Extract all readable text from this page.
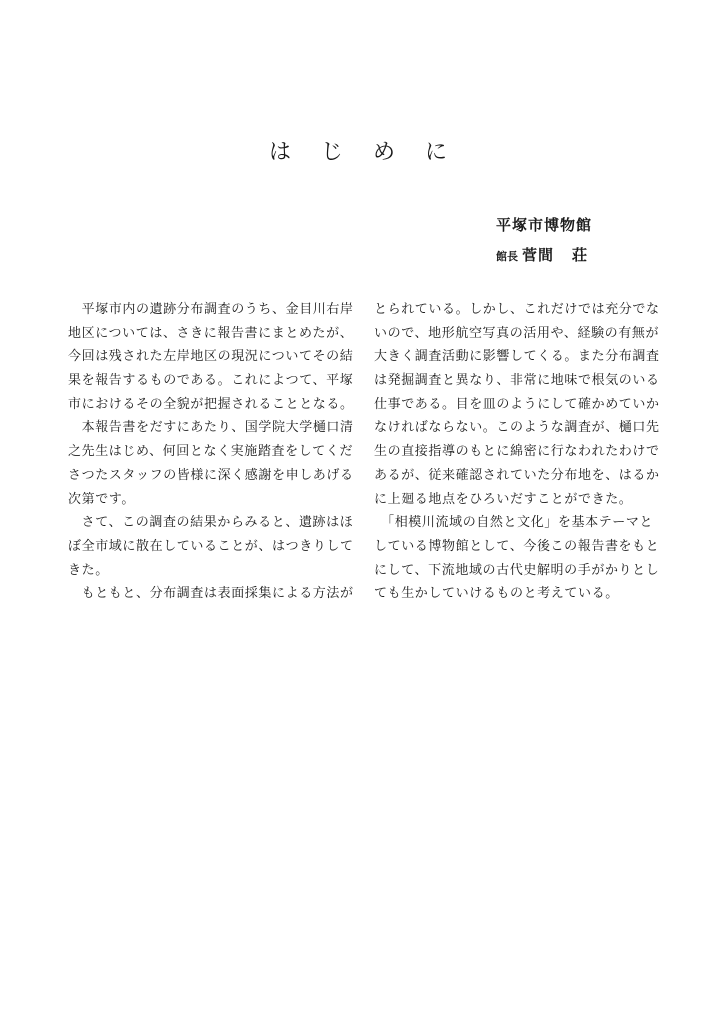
はじめに
平塚市博物館
館長 菅間 荘
　平塚市内の遺跡分布調査のうち、金目川右岸
地区については、さきに報告書にまとめたが、
今回は残された左岸地区の現況についてその結
果を報告するものである。これによつて、平塚
市におけるその全貌が把握されることとなる。
　本報告書をだすにあたり、国学院大学樋口清
之先生はじめ、何回となく実施踏査をしてくだ
さつたスタッフの皆様に深く感謝を申しあげる
次第です。
　さて、この調査の結果からみると、遺跡はほ
ぼ全市域に散在していることが、はつきりして
きた。
　もともと、分布調査は表面採集による方法が
とられている。しかし、これだけでは充分でな
いので、地形航空写真の活用や、経験の有無が
大きく調査活動に影響してくる。また分布調査
は発掘調査と異なり、非常に地味で根気のいる
仕事である。目を皿のようにして確かめていか
なければならない。このような調査が、樋口先
生の直接指導のもとに綿密に行なわれたわけで
あるが、従来確認されていた分布地を、はるか
に上廻る地点をひろいだすことができた。
　「相模川流域の自然と文化」を基本テーマと
している博物館として、今後この報告書をもと
にして、下流地域の古代史解明の手がかりとし
ても生かしていけるものと考えている。
